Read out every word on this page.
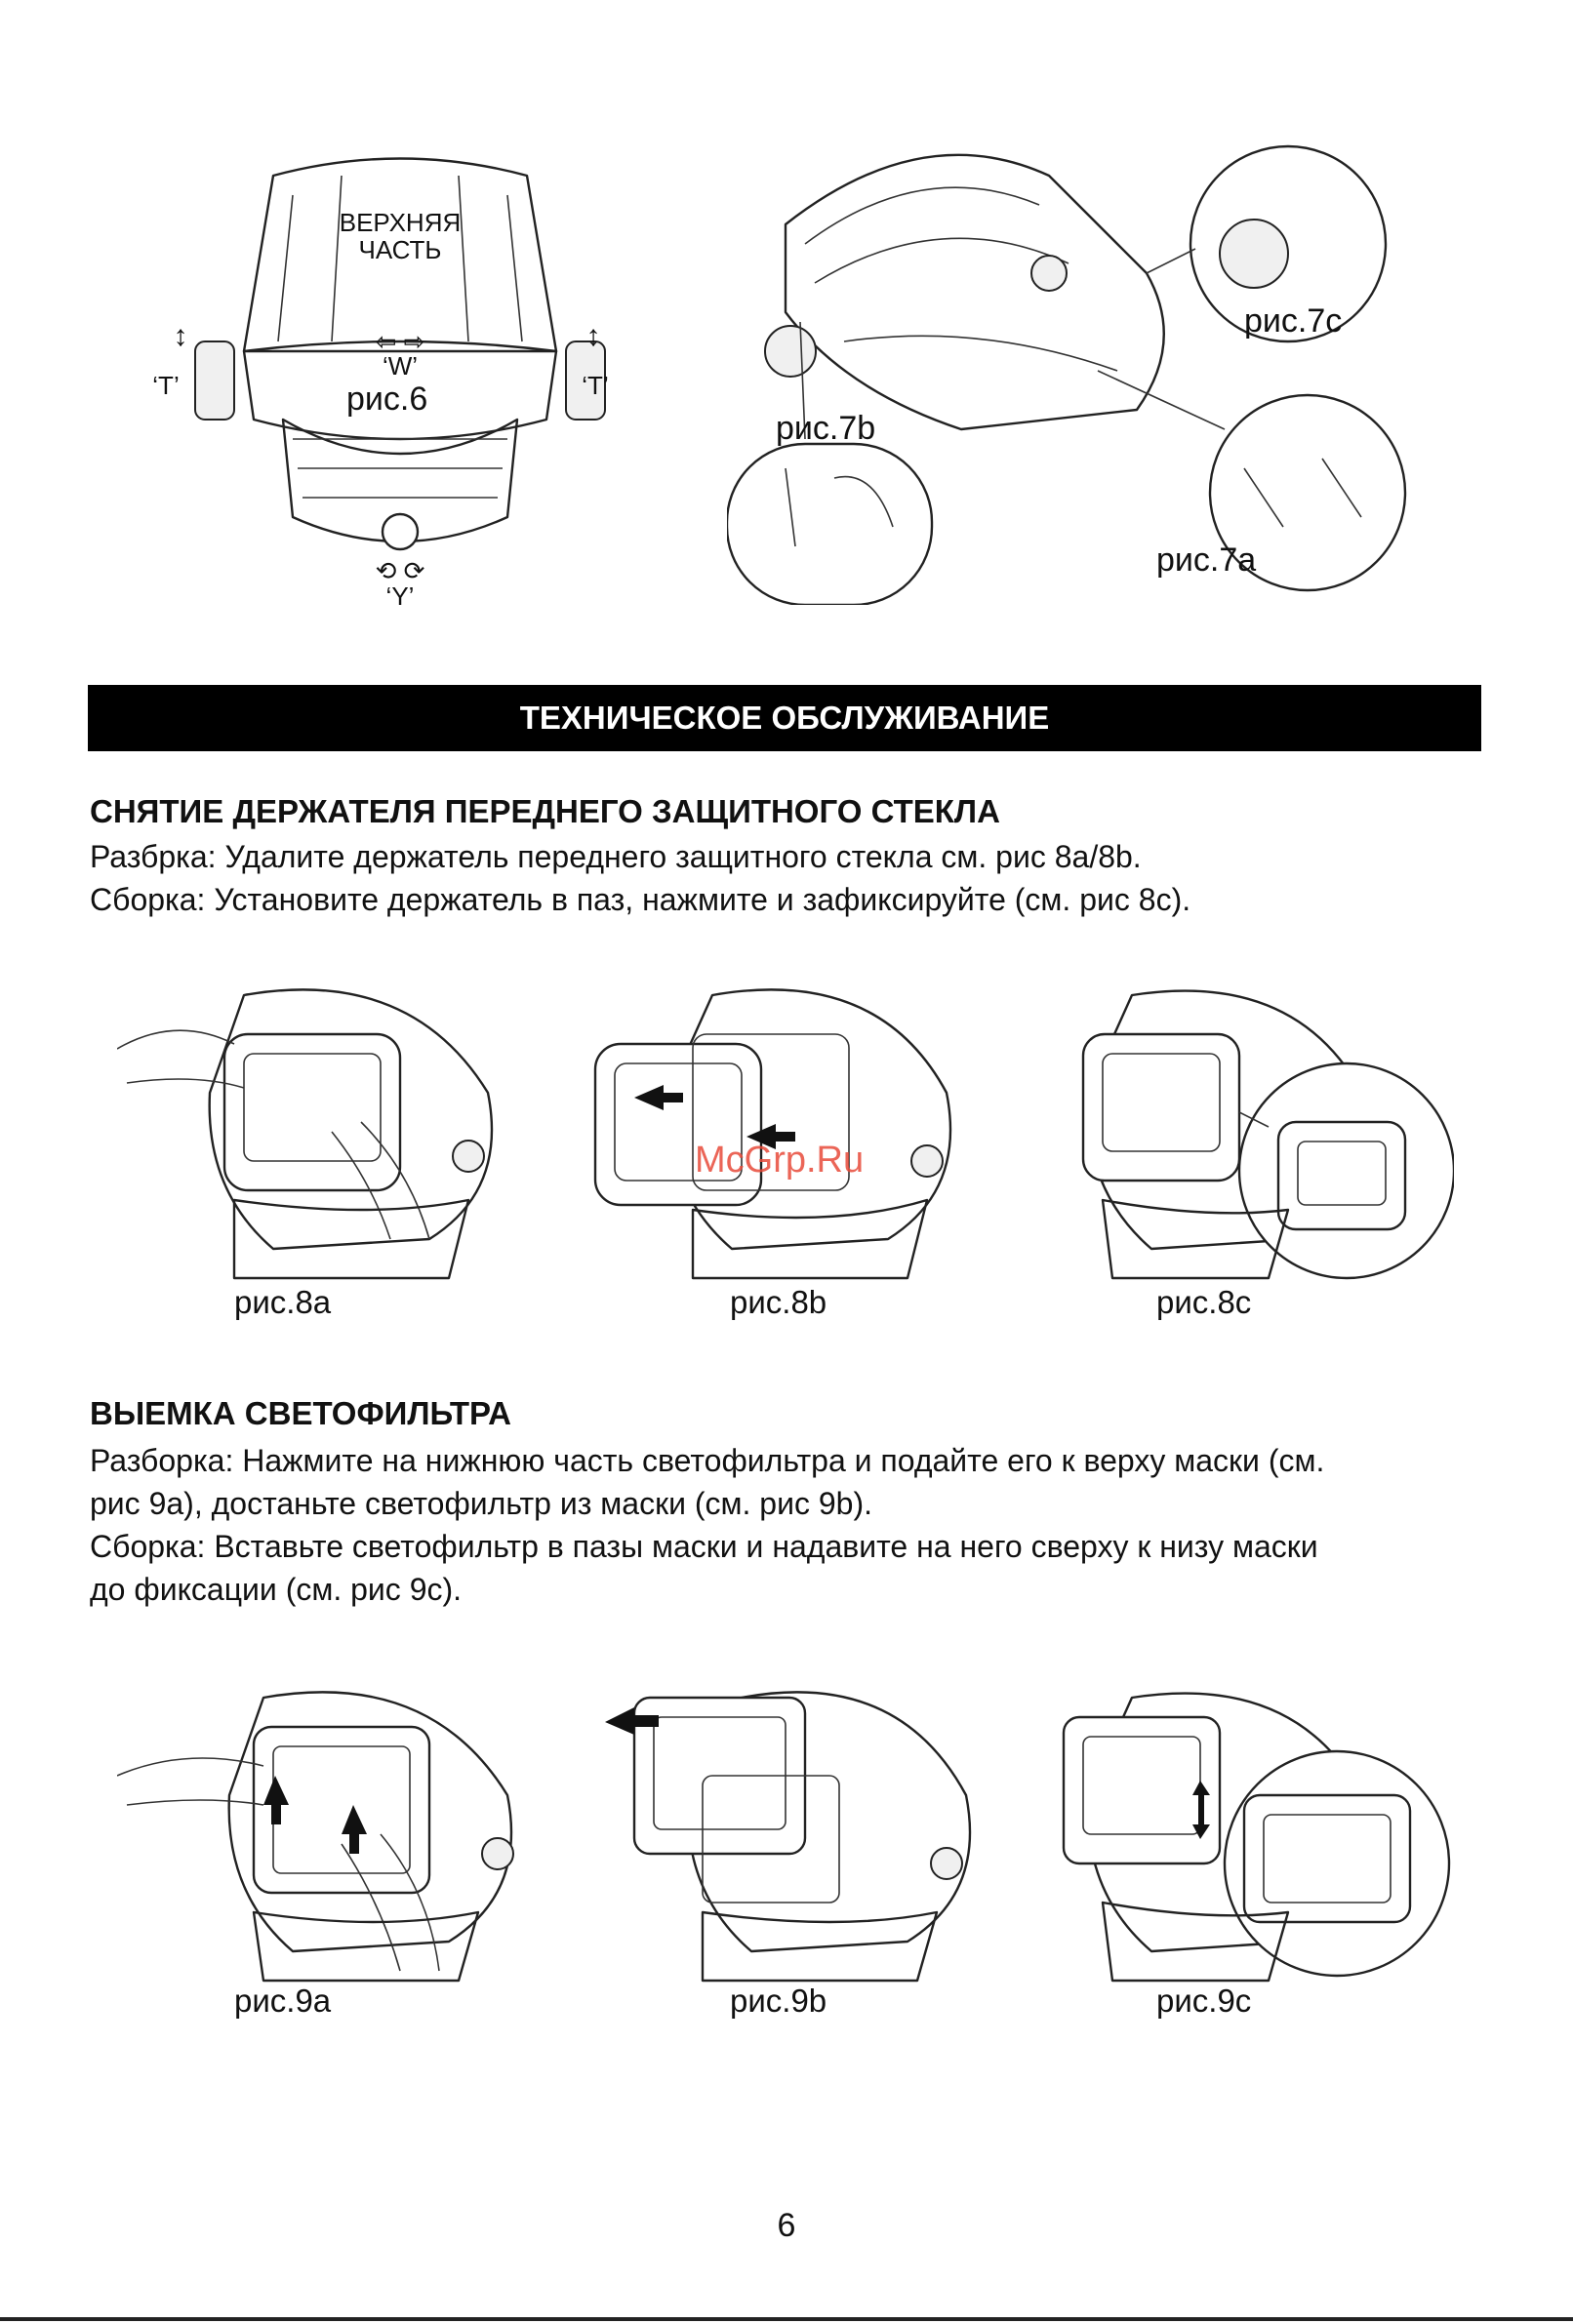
ВЕРХНЯЯ
ЧАСТЬ
⇦ ⇨
‘W’
рис.6
⟲ ⟳
‘Y’
‘T’
↕
‘T’
↕	рис.7c
рис.7b
рис.7a
ТЕХНИЧЕСКОЕ ОБСЛУЖИВАНИЕ
СНЯТИЕ ДЕРЖАТЕЛЯ ПЕРЕДНЕГО ЗАЩИТНОГО СТЕКЛА
Разбрка: Удалите держатель переднего защитного стекла см. рис 8a/8b.
Сборка: Установите держатель в паз, нажмите и зафиксируйте (см. рис 8c).
рис.8a	рис.8b	рис.8c
McGrp.Ru
ВЫЕМКА СВЕТОФИЛЬТРА
Разборка: Нажмите на нижнюю часть светофильтра и подайте его к верху маски (см.
рис 9a), достаньте светофильтр из маски (см. рис 9b).
Сборка: Вставьте светофильтр в пазы маски и надавите на него сверху к низу маски
до фиксации (см. рис 9c).
рис.9a	рис.9b	рис.9c
6
